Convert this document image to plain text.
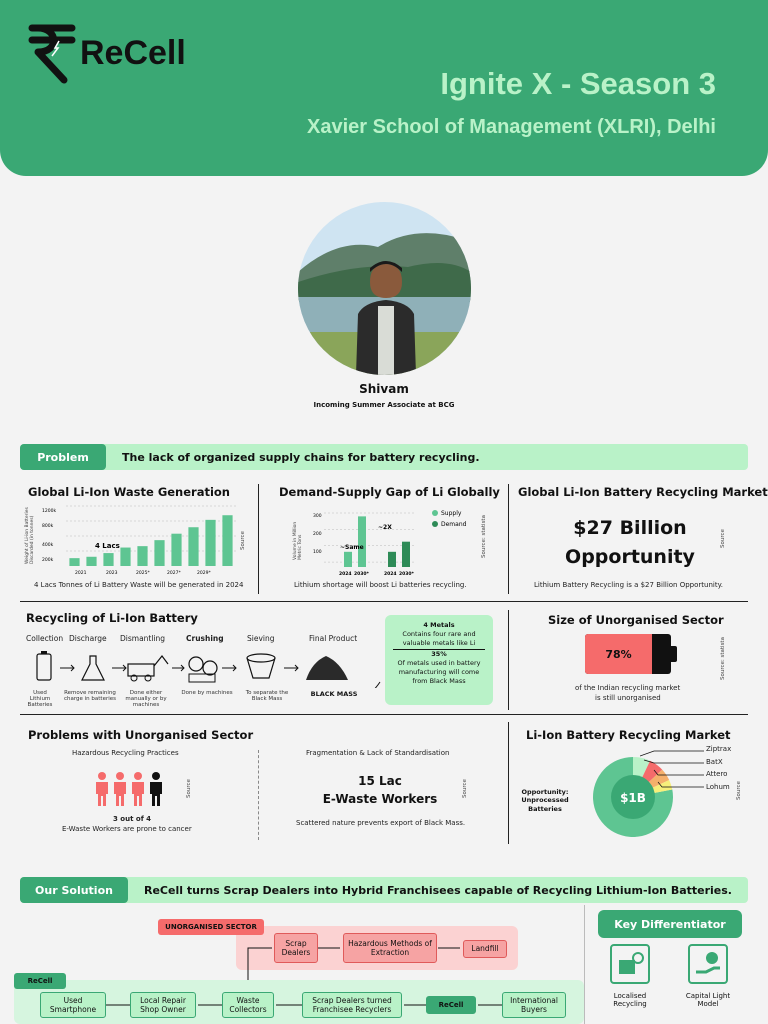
ReCell
Ignite X - Season 3
Xavier School of Management (XLRI), Delhi
Shivam
Incoming Summer Associate at BCG
Problem	The lack of organized supply chains for battery recycling.
Global Li-Ion Waste Generation
4 Lacs
1200k
800k
400k
200k
2021	2023	2025*	2027*	2029*
Weight of Li-ion Batteries Discarded (in tonnes)	Source
4 Lacs Tonnes of Li Battery Waste will be generated in 2024
Demand-Supply Gap of Li Globally
300
200
100
~Same
~2X
2024 2030*	2024 2030*
Supply
Demand
Volume in Million Metric Tons	Source: statista
Lithium shortage will boost Li batteries recycling.
Global Li-Ion Battery Recycling Market
$27 Billion
Opportunity
Source
Lithium Battery Recycling is a $27 Billion Opportunity.
Recycling of Li-Ion Battery
Collection Discharge Dismantling	Crushing	Sieving	Final Product
Used Lithium Batteries
Remove remaining charge in batteries
Done either manually or by machines
Done by machines	To separate the Black Mass
BLACK MASS
4 Metals
Contains four rare and valuable metals like Li
35%
Of metals used in battery manufacturing will come from Black Mass
Size of Unorganised Sector
78%
of the Indian recycling market
is still unorganised
Source: statista
Problems with Unorganised Sector
Hazardous Recycling Practices
Source
3 out of 4
E-Waste Workers are prone to cancer
Fragmentation & Lack of Standardisation
15 Lac
E-Waste Workers
Source
Scattered nature prevents export of Black Mass.
Li-Ion Battery Recycling Market
$1B
Opportunity: Unprocessed Batteries
Ziptrax
BatX
Attero
Lohum Source
Our Solution	ReCell turns Scrap Dealers into Hybrid Franchisees capable of Recycling Lithium-Ion Batteries.
UNORGANISED SECTOR
Scrap Dealers
Hazardous Methods of Extraction	Landfill
ReCell
Used Smartphone
Local Repair Shop Owner
Waste Collectors
Scrap Dealers turned Franchisee Recyclers
ReCell	International Buyers
Key Differentiator
Localised Recycling
Capital Light Model
